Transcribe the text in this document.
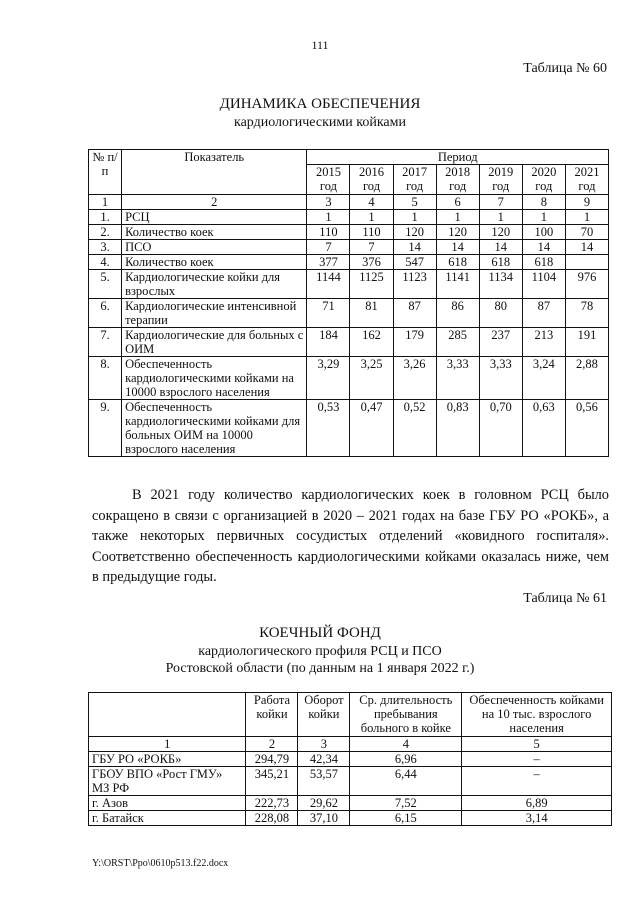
111
Таблица № 60
ДИНАМИКА ОБЕСПЕЧЕНИЯ
кардиологическими койками
№ п/п	Показатель	Период						
		2015 год	2016 год	2017 год	2018 год	2019 год	2020 год	2021 год
1	2	3	4	5	6	7	8	9
1.	РСЦ	1	1	1	1	1	1	1
2.	Количество коек	110	110	120	120	120	100	70
3.	ПСО	7	7	14	14	14	14	14
4.	Количество коек	377	376	547	618	618	618	
5.	Кардиологические койки для взрослых	1144	1125	1123	1141	1134	1104	976
6.	Кардиологические интенсивной терапии	71	81	87	86	80	87	78
7.	Кардиологические для больных с ОИМ	184	162	179	285	237	213	191
8.	Обеспеченность кардиологическими койками на 10000 взрослого населения	3,29	3,25	3,26	3,33	3,33	3,24	2,88
9.	Обеспеченность кардиологическими койками для больных ОИМ на 10000 взрослого населения	0,53	0,47	0,52	0,83	0,70	0,63	0,56
В 2021 году количество кардиологических коек в головном РСЦ было сокращено в связи с организацией в 2020 – 2021 годах на базе ГБУ РО «РОКБ», а также некоторых первичных сосудистых отделений «ковидного госпиталя». Соответственно обеспеченность кардиологическими койками оказалась ниже, чем в предыдущие годы.
Таблица № 61
КОЕЧНЫЙ ФОНД
кардиологического профиля РСЦ и ПСО
Ростовской области (по данным на 1 января 2022 г.)
	Работа койки	Оборот койки	Ср. длительность пребывания больного в койке	Обеспеченность койками на 10 тыс. взрослого населения
1	2	3	4	5
ГБУ РО «РОКБ»	294,79	42,34	6,96	–
ГБОУ ВПО «Рост ГМУ» МЗ РФ	345,21	53,57	6,44	–
г. Азов	222,73	29,62	7,52	6,89
г. Батайск	228,08	37,10	6,15	3,14
Y:\ORST\Ppo\0610p513.f22.docx
